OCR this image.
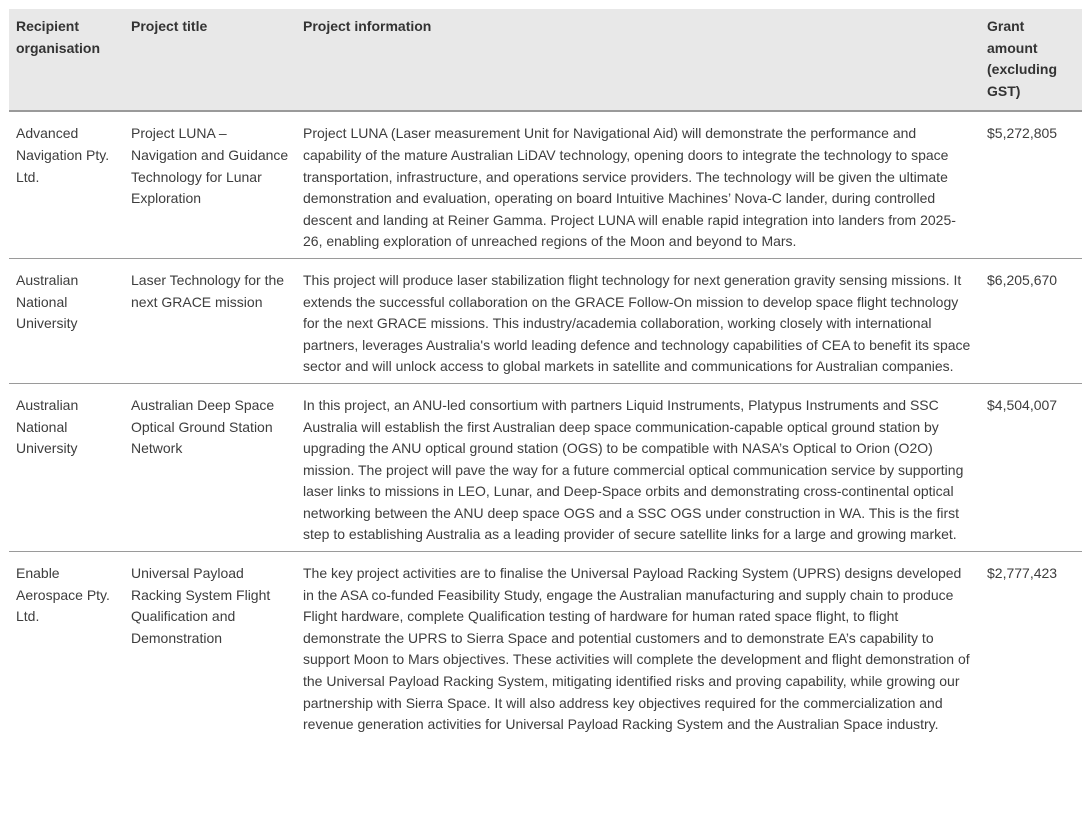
Recipient organisation	Project title	Project information	Grant amount (excluding GST)
Advanced Navigation Pty. Ltd.	Project LUNA – Navigation and Guidance Technology for Lunar Exploration	Project LUNA (Laser measurement Unit for Navigational Aid) will demonstrate the performance and capability of the mature Australian LiDAV technology, opening doors to integrate the technology to space transportation, infrastructure, and operations service providers. The technology will be given the ultimate demonstration and evaluation, operating on board Intuitive Machines’ Nova-C lander, during controlled descent and landing at Reiner Gamma. Project LUNA will enable rapid integration into landers from 2025-26, enabling exploration of unreached regions of the Moon and beyond to Mars.	$5,272,805
Australian National University	Laser Technology for the next GRACE mission	This project will produce laser stabilization flight technology for next generation gravity sensing missions. It extends the successful collaboration on the GRACE Follow-On mission to develop space flight technology for the next GRACE missions. This industry/academia collaboration, working closely with international partners, leverages Australia's world leading defence and technology capabilities of CEA to benefit its space sector and will unlock access to global markets in satellite and communications for Australian companies.	$6,205,670
Australian National University	Australian Deep Space Optical Ground Station Network	In this project, an ANU-led consortium with partners Liquid Instruments, Platypus Instruments and SSC Australia will establish the first Australian deep space communication-capable optical ground station by upgrading the ANU optical ground station (OGS) to be compatible with NASA’s Optical to Orion (O2O) mission. The project will pave the way for a future commercial optical communication service by supporting laser links to missions in LEO, Lunar, and Deep-Space orbits and demonstrating cross-continental optical networking between the ANU deep space OGS and a SSC OGS under construction in WA. This is the first step to establishing Australia as a leading provider of secure satellite links for a large and growing market.	$4,504,007
Enable Aerospace Pty. Ltd.	Universal Payload Racking System Flight Qualification and Demonstration	The key project activities are to finalise the Universal Payload Racking System (UPRS) designs developed in the ASA co-funded Feasibility Study, engage the Australian manufacturing and supply chain to produce Flight hardware, complete Qualification testing of hardware for human rated space flight, to flight demonstrate the UPRS to Sierra Space and potential customers and to demonstrate EA’s capability to support Moon to Mars objectives. These activities will complete the development and flight demonstration of the Universal Payload Racking System, mitigating identified risks and proving capability, while growing our partnership with Sierra Space. It will also address key objectives required for the commercialization and revenue generation activities for Universal Payload Racking System and the Australian Space industry.	$2,777,423
